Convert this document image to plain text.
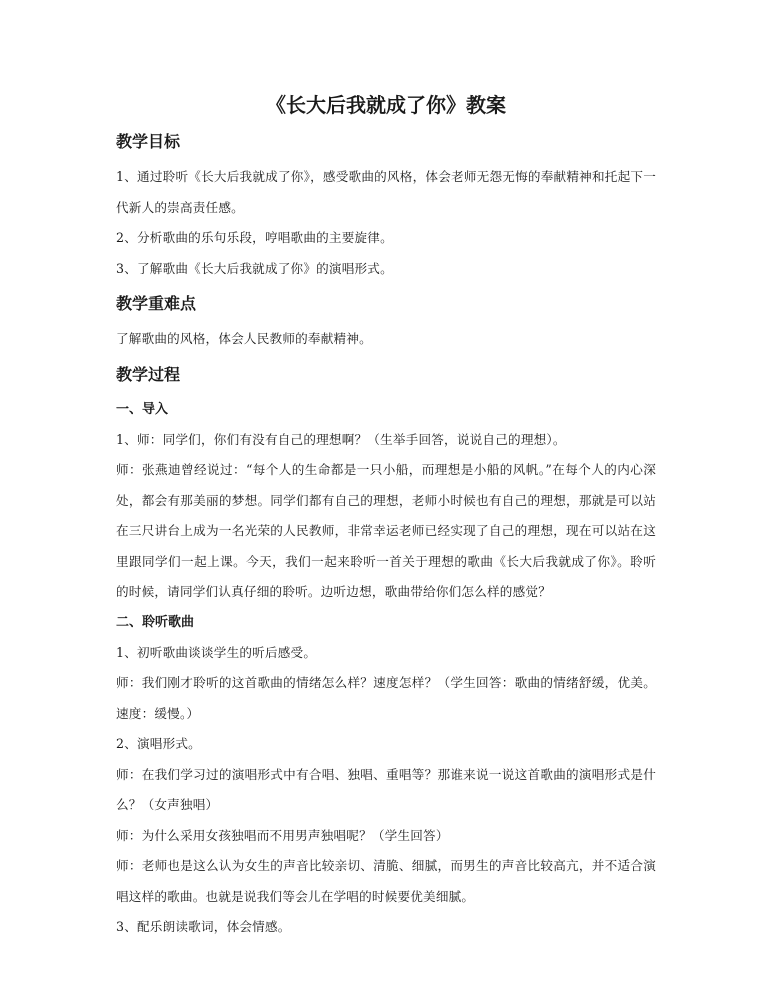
《长大后我就成了你》教案
教学目标

1、通过聆听《长大后我就成了你》，感受歌曲的风格，体会老师无怨无悔的奉献精神和托起下一代新人的崇高责任感。

2、分析歌曲的乐句乐段，哼唱歌曲的主要旋律。

3、了解歌曲《长大后我就成了你》的演唱形式。

教学重难点

了解歌曲的风格，体会人民教师的奉献精神。

教学过程
一、导入

1、师：同学们，你们有没有自己的理想啊？（生举手回答，说说自己的理想）。

师：张燕迪曾经说过：“每个人的生命都是一只小船，而理想是小船的风帆。”在每个人的内心深处，都会有那美丽的梦想。同学们都有自己的理想，老师小时候也有自己的理想，那就是可以站在三尺讲台上成为一名光荣的人民教师，非常幸运老师已经实现了自己的理想，现在可以站在这里跟同学们一起上课。今天，我们一起来聆听一首关于理想的歌曲《长大后我就成了你》。聆听的时候，请同学们认真仔细的聆听。边听边想，歌曲带给你们怎么样的感觉？

二、聆听歌曲

1、初听歌曲谈谈学生的听后感受。

师：我们刚才聆听的这首歌曲的情绪怎么样？速度怎样？（学生回答：歌曲的情绪舒缓，优美。速度：缓慢。）

2、演唱形式。

师：在我们学习过的演唱形式中有合唱、独唱、重唱等？那谁来说一说这首歌曲的演唱形式是什么？（女声独唱）

师：为什么采用女孩独唱而不用男声独唱呢？（学生回答）

师：老师也是这么认为女生的声音比较亲切、清脆、细腻，而男生的声音比较高亢，并不适合演唱这样的歌曲。也就是说我们等会儿在学唱的时候要优美细腻。

3、配乐朗读歌词，体会情感。
